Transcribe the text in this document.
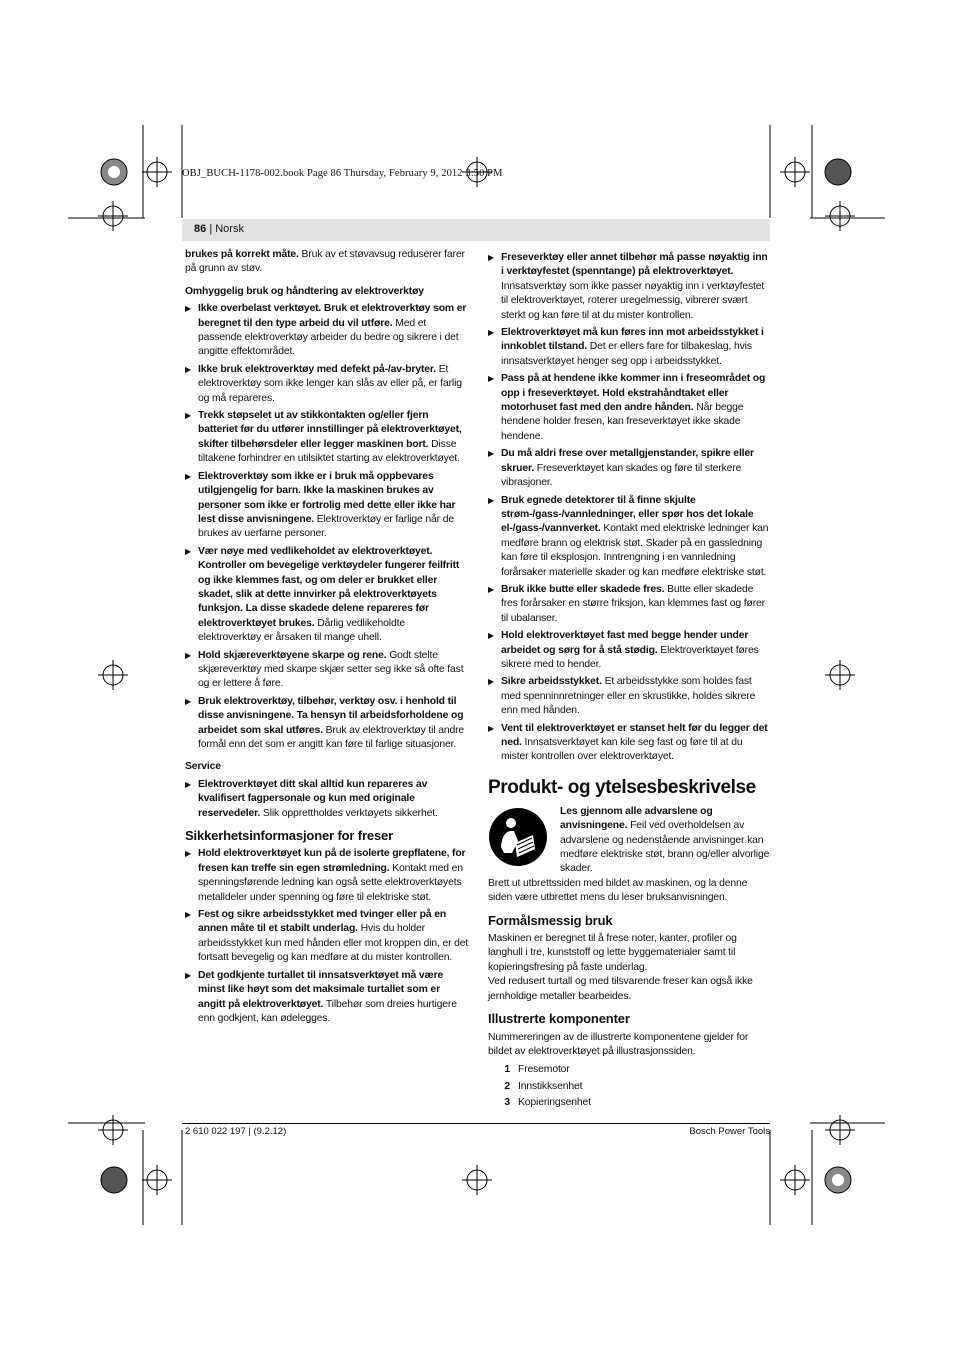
OBJ_BUCH-1178-002.book Page 86 Thursday, February 9, 2012 3:50 PM
86 | Norsk

brukes på korrekt måte. Bruk av et støvavsug reduserer farer på grunn av støv.

Omhyggelig bruk og håndtering av elektroverktøy

▶ Ikke overbelast verktøyet. Bruk et elektroverktøy som er beregnet til den type arbeid du vil utføre. Med et passende elektroverktøy arbeider du bedre og sikrere i det angitte effektområdet.

▶ Ikke bruk elektroverktøy med defekt på-/av-bryter. Et elektroverktøy som ikke lenger kan slås av eller på, er farlig og må repareres.

▶ Trekk støpselet ut av stikkontakten og/eller fjern batteriet før du utfører innstillinger på elektroverktøyet, skifter tilbehørsdeler eller legger maskinen bort. Disse tiltakene forhindrer en utilsiktet starting av elektroverktøyet.

▶ Elektroverktøy som ikke er i bruk må oppbevares utilgjengelig for barn. Ikke la maskinen brukes av personer som ikke er fortrolig med dette eller ikke har lest disse anvisningene. Elektroverktøy er farlige når de brukes av uerfarne personer.

▶ Vær nøye med vedlikeholdet av elektroverktøyet. Kontroller om bevegelige verktøydeler fungerer feilfritt og ikke klemmes fast, og om deler er brukket eller skadet, slik at dette innvirker på elektroverktøyets funksjon. La disse skadede delene repareres før elektroverktøyet brukes. Dårlig vedlikeholdte elektroverktøy er årsaken til mange uhell.

▶ Hold skjæreverktøyene skarpe og rene. Godt stelte skjæreverktøy med skarpe skjær setter seg ikke så ofte fast og er lettere å føre.

▶ Bruk elektroverktøy, tilbehør, verktøy osv. i henhold til disse anvisningene. Ta hensyn til arbeidsforholdene og arbeidet som skal utføres. Bruk av elektroverktøy til andre formål enn det som er angitt kan føre til farlige situasjoner.

Service

▶ Elektroverktøyet ditt skal alltid kun repareres av kvalifisert fagpersonale og kun med originale reservedeler. Slik opprettholdes verktøyets sikkerhet.

Sikkerhetsinformasjoner for freser

▶ Hold elektroverktøyet kun på de isolerte grepflatene, for fresen kan treffe sin egen strømledning. Kontakt med en spenningsførende ledning kan også sette elektroverktøyets metalldeler under spenning og føre til elektriske støt.

▶ Fest og sikre arbeidsstykket med tvinger eller på en annen måte til et stabilt underlag. Hvis du holder arbeidsstykket kun med hånden eller mot kroppen din, er det fortsatt bevegelig og kan medføre at du mister kontrollen.

▶ Det godkjente turtallet til innsatsverktøyet må være minst like høyt som det maksimale turtallet som er angitt på elektroverktøyet. Tilbehør som dreies hurtigere enn godkjent, kan ødelegges.

▶ Freseverktøy eller annet tilbehør må passe nøyaktig inn i verktøyfestet (spenntange) på elektroverktøyet. Innsatsverktøy som ikke passer nøyaktig inn i verktøyfestet til elektroverktøyet, roterer uregelmessig, vibrerer svært sterkt og kan føre til at du mister kontrollen.

▶ Elektroverktøyet må kun føres inn mot arbeidsstykket i innkoblet tilstand. Det er ellers fare for tilbakeslag, hvis innsatsverktøyet henger seg opp i arbeidsstykket.

▶ Pass på at hendene ikke kommer inn i freseområdet og opp i freseverktøyet. Hold ekstrahåndtaket eller motorhuset fast med den andre hånden. Når begge hendene holder fresen, kan freseverktøyet ikke skade hendene.

▶ Du må aldri frese over metallgjenstander, spikre eller skruer. Freseverktøyet kan skades og føre til sterkere vibrasjoner.

▶ Bruk egnede detektorer til å finne skjulte strøm-/gass-/vannledninger, eller spør hos det lokale el-/gass-/vannverket. Kontakt med elektriske ledninger kan medføre brann og elektrisk støt. Skader på en gassledning kan føre til eksplosjon. Inntrengning i en vannledning forårsaker materielle skader og kan medføre elektriske støt.

▶ Bruk ikke butte eller skadede fres. Butte eller skadede fres forårsaker en større friksjon, kan klemmes fast og fører til ubalanser.

▶ Hold elektroverktøyet fast med begge hender under arbeidet og sørg for å stå stødig. Elektroverktøyet føres sikrere med to hender.

▶ Sikre arbeidsstykket. Et arbeidsstykke som holdes fast med spenninnretninger eller en skrustikke, holdes sikrere enn med hånden.

▶ Vent til elektroverktøyet er stanset helt før du legger det ned. Innsatsverktøyet kan kile seg fast og føre til at du mister kontrollen over elektroverktøyet.

Produkt- og ytelsesbeskrivelse

Les gjennom alle advarslene og anvisningene. Feil ved overholdelsen av advarslene og nedenstående anvisninger kan medføre elektriske støt, brann og/eller alvorlige skader.

Brett ut utbrettssiden med bildet av maskinen, og la denne siden være utbrettet mens du leser bruksanvisningen.

Formålsmessig bruk

Maskinen er beregnet til å frese noter, kanter, profiler og langhull i tre, kunststoff og lette byggematerialer samt til kopieringsfresing på faste underlag.

Ved redusert turtall og med tilsvarende freser kan også ikke jernholdige metaller bearbeides.

Illustrerte komponenter

Nummereringen av de illustrerte komponentene gjelder for bildet av elektroverktøyet på illustrasjonssiden.

1 Fresemotor
2 Innstikksenhet
3 Kopieringsenhet
2 610 022 197 | (9.2.12)	Bosch Power Tools
